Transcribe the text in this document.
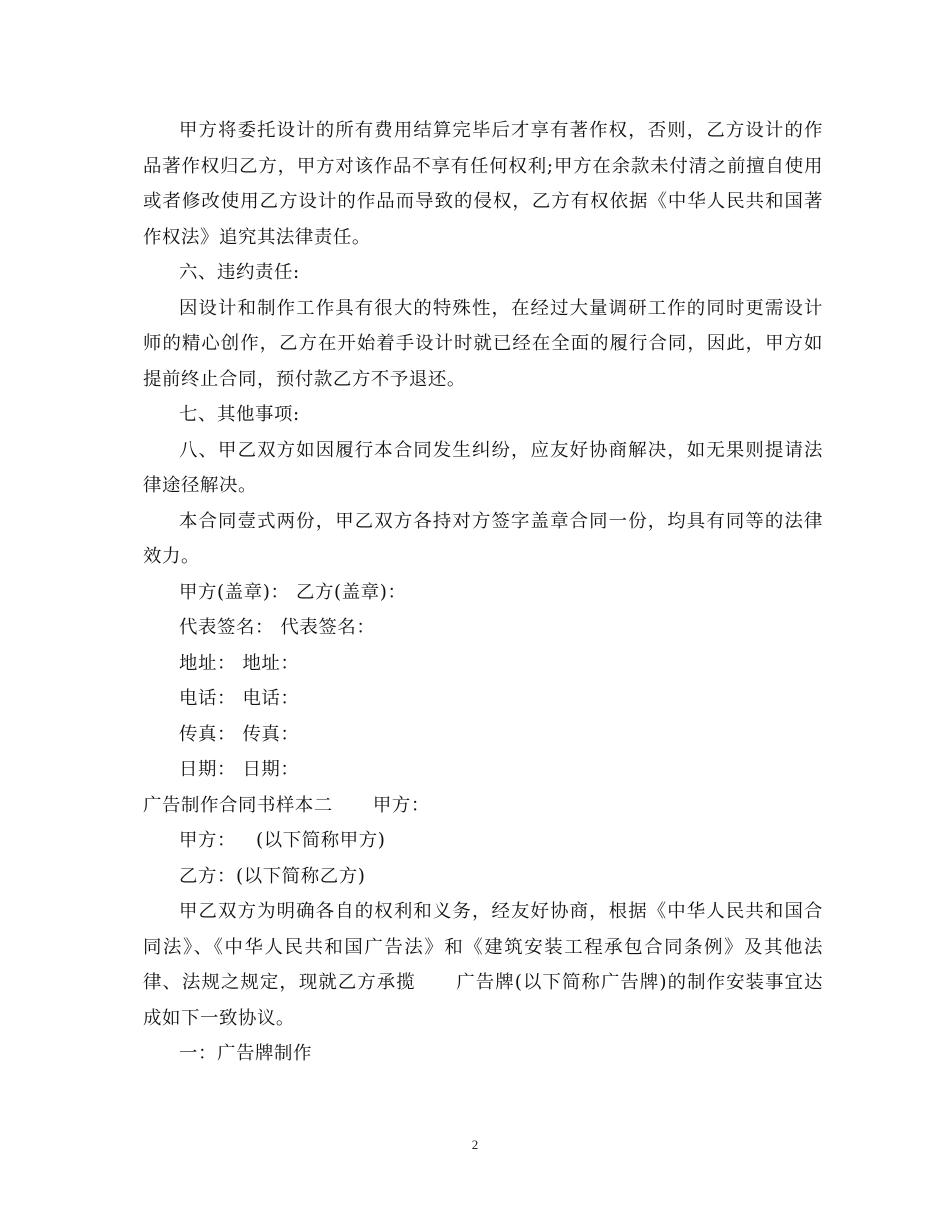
甲方将委托设计的所有费用结算完毕后才享有著作权，否则，乙方设计的作品著作权归乙方，甲方对该作品不享有任何权利;甲方在余款未付清之前擅自使用或者修改使用乙方设计的作品而导致的侵权，乙方有权依据《中华人民共和国著作权法》追究其法律责任。

六、违约责任:

因设计和制作工作具有很大的特殊性，在经过大量调研工作的同时更需设计师的精心创作，乙方在开始着手设计时就已经在全面的履行合同，因此，甲方如提前终止合同，预付款乙方不予退还。

七、其他事项:

八、甲乙双方如因履行本合同发生纠纷，应友好协商解决，如无果则提请法律途径解决。

本合同壹式两份，甲乙双方各持对方签字盖章合同一份，均具有同等的法律效力。

甲方(盖章)： 乙方(盖章)：

代表签名： 代表签名：

地址： 地址：

电话： 电话：

传真： 传真：

日期： 日期：

广告制作合同书样本二 甲方：

甲方： (以下简称甲方)

乙方：(以下简称乙方)

甲乙双方为明确各自的权利和义务，经友好协商，根据《中华人民共和国合同法》、《中华人民共和国广告法》和《建筑安装工程承包合同条例》及其他法律、法规之规定，现就乙方承揽 广告牌(以下简称广告牌)的制作安装事宜达成如下一致协议。

一：广告牌制作

2
